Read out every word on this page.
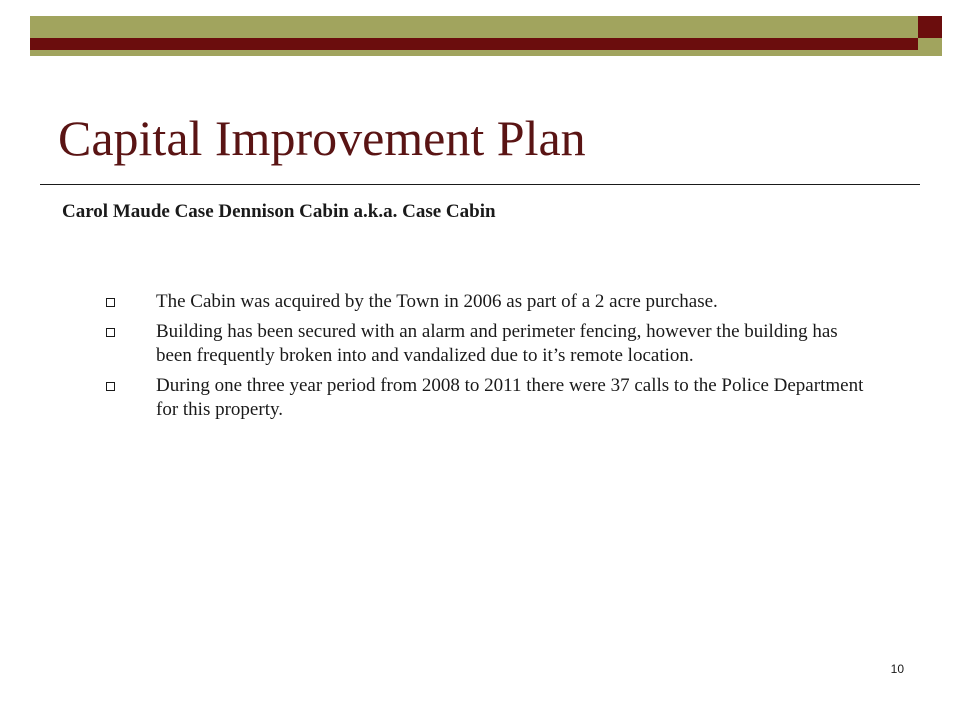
Capital Improvement Plan
Carol Maude Case Dennison Cabin a.k.a. Case Cabin
The Cabin was acquired by the Town in 2006 as part of a 2 acre purchase.
Building has been secured with an alarm and perimeter fencing, however the building has been frequently broken into and vandalized due to it’s remote location.
During one three year period from 2008 to 2011 there were 37 calls to the Police Department for this property.
10
